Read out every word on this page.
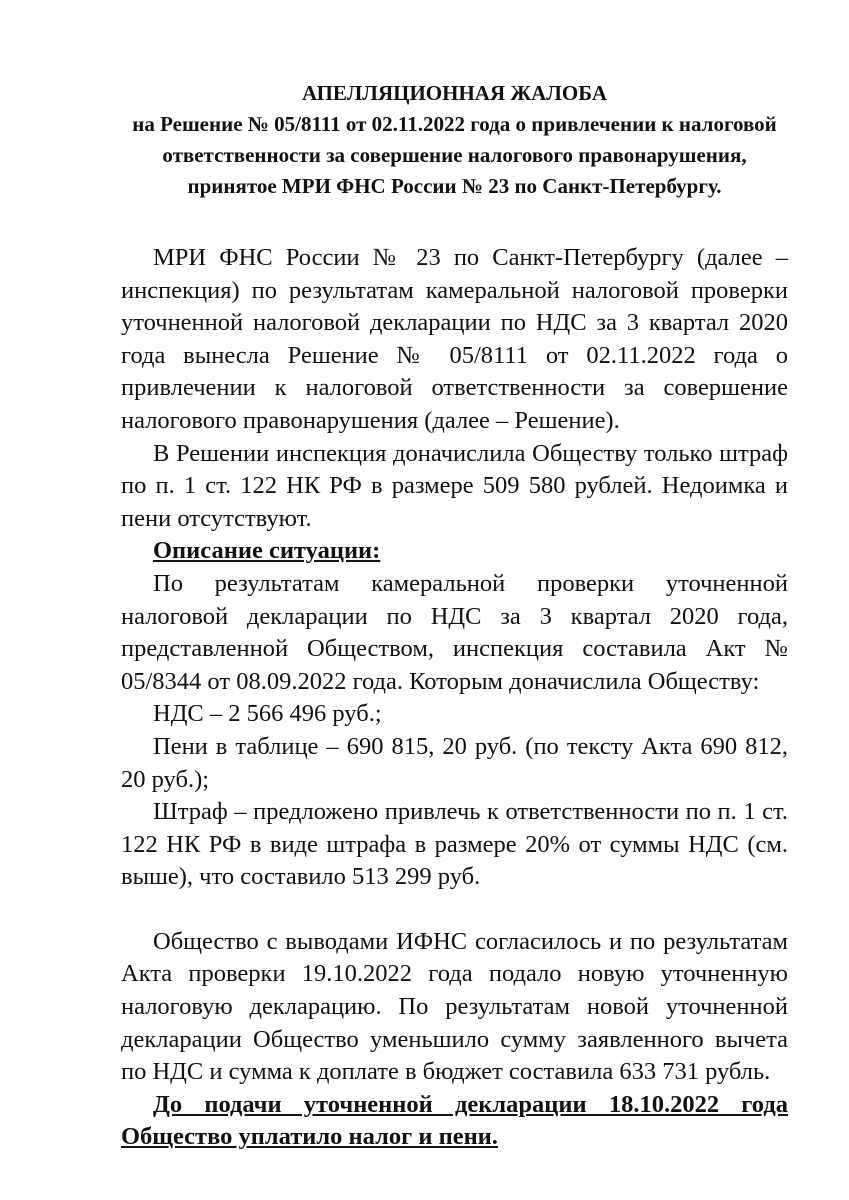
АПЕЛЛЯЦИОННАЯ ЖАЛОБА
на Решение № 05/8111 от 02.11.2022 года о привлечении к налоговой
ответственности за совершение налогового правонарушения,
принятое МРИ ФНС России № 23 по Санкт-Петербургу.

МРИ ФНС России № 23 по Санкт-Петербургу (далее – инспекция) по результатам камеральной налоговой проверки уточненной налоговой декларации по НДС за 3 квартал 2020 года вынесла Решение № 05/8111 от 02.11.2022 года о привлечении к налоговой ответственности за совершение налогового правонарушения (далее – Решение).

В Решении инспекция доначислила Обществу только штраф по п. 1 ст. 122 НК РФ в размере 509 580 рублей. Недоимка и пени отсутствуют.

Описание ситуации:

По результатам камеральной проверки уточненной налоговой декларации по НДС за 3 квартал 2020 года, представленной Обществом, инспекция составила Акт № 05/8344 от 08.09.2022 года. Которым доначислила Обществу:

НДС – 2 566 496 руб.;

Пени в таблице – 690 815, 20 руб. (по тексту Акта 690 812, 20 руб.);

Штраф – предложено привлечь к ответственности по п. 1 ст. 122 НК РФ в виде штрафа в размере 20% от суммы НДС (см. выше), что составило 513 299 руб.

Общество с выводами ИФНС согласилось и по результатам Акта проверки 19.10.2022 года подало новую уточненную налоговую декларацию. По результатам новой уточненной декларации Общество уменьшило сумму заявленного вычета по НДС и сумма к доплате в бюджет составила 633 731 рубль.

До подачи уточненной декларации 18.10.2022 года Общество уплатило налог и пени.
